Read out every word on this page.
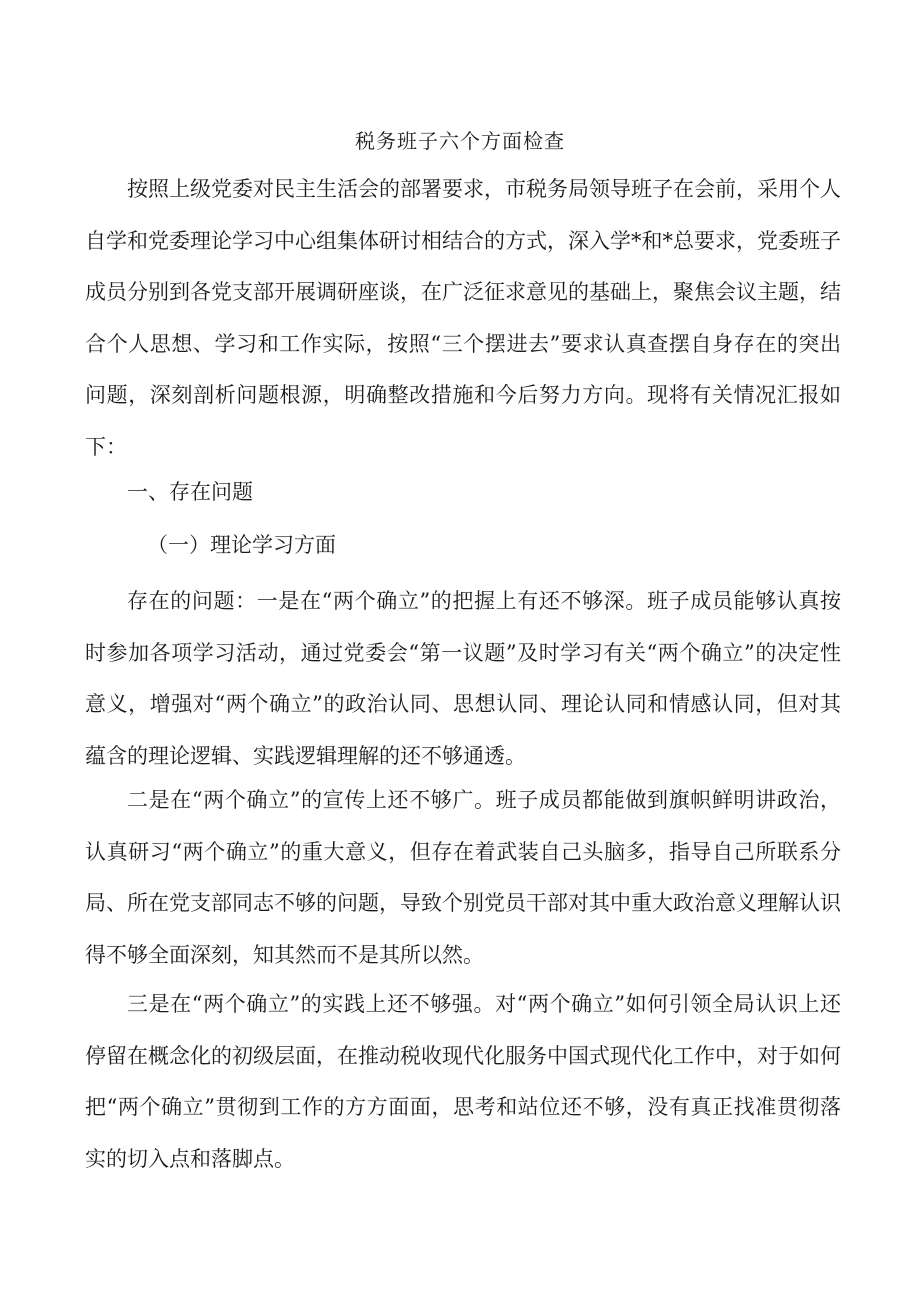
税务班子六个方面检查

按照上级党委对民主生活会的部署要求，市税务局领导班子在会前，采用个人自学和党委理论学习中心组集体研讨相结合的方式，深入学*和*总要求，党委班子成员分别到各党支部开展调研座谈，在广泛征求意见的基础上，聚焦会议主题，结合个人思想、学习和工作实际，按照“三个摆进去”要求认真查摆自身存在的突出问题，深刻剖析问题根源，明确整改措施和今后努力方向。现将有关情况汇报如下：

一、存在问题

（一）理论学习方面

存在的问题：一是在“两个确立”的把握上有还不够深。班子成员能够认真按时参加各项学习活动，通过党委会“第一议题”及时学习有关“两个确立”的决定性意义，增强对“两个确立”的政治认同、思想认同、理论认同和情感认同，但对其蕴含的理论逻辑、实践逻辑理解的还不够通透。

二是在“两个确立”的宣传上还不够广。班子成员都能做到旗帜鲜明讲政治，认真研习“两个确立”的重大意义，但存在着武装自己头脑多，指导自己所联系分局、所在党支部同志不够的问题，导致个别党员干部对其中重大政治意义理解认识得不够全面深刻，知其然而不是其所以然。

三是在“两个确立”的实践上还不够强。对“两个确立”如何引领全局认识上还停留在概念化的初级层面，在推动税收现代化服务中国式现代化工作中，对于如何把“两个确立”贯彻到工作的方方面面，思考和站位还不够，没有真正找准贯彻落实的切入点和落脚点。
